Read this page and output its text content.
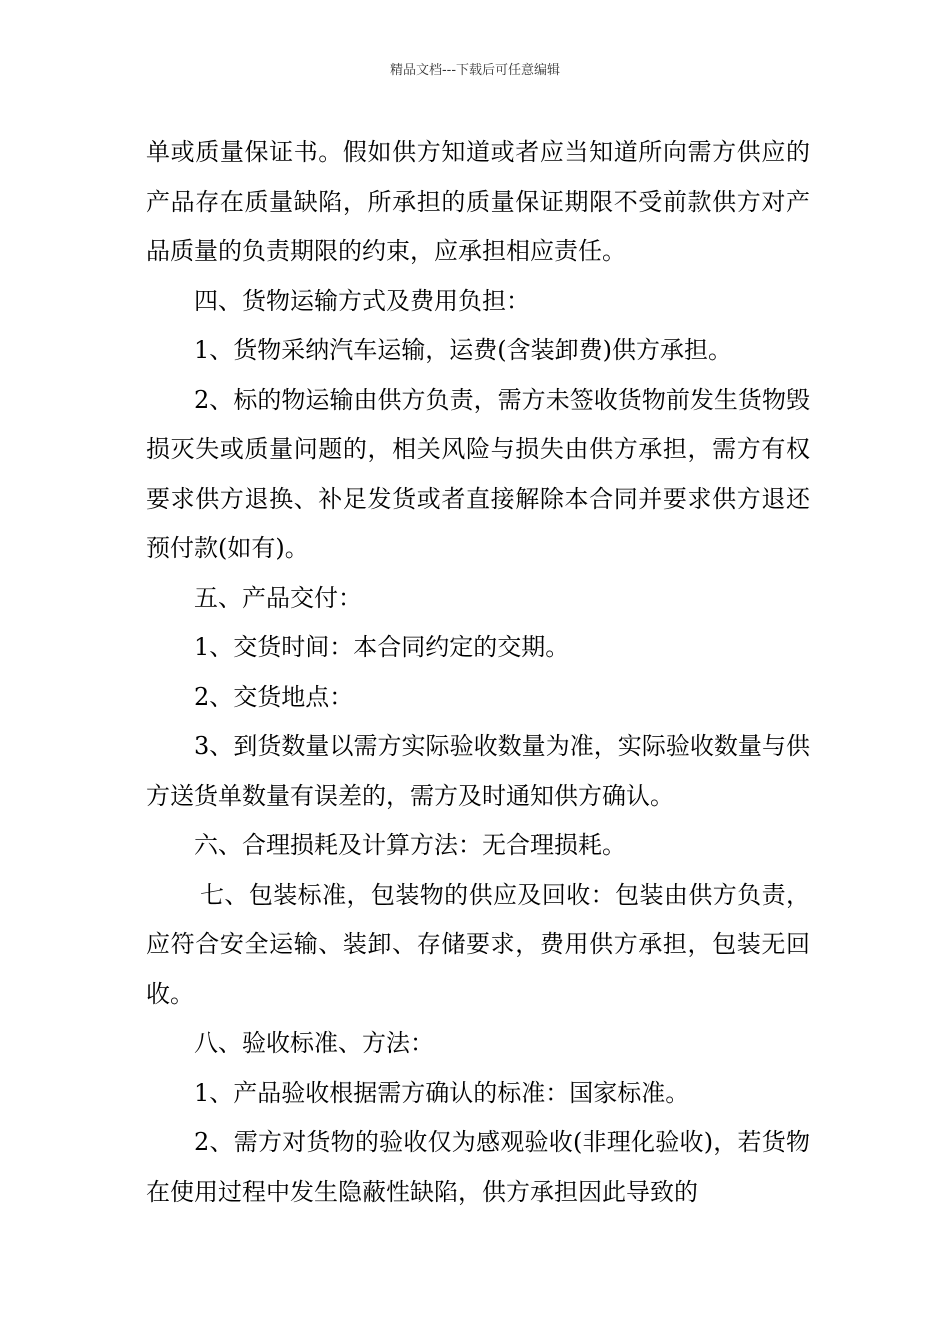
精品文档---下载后可任意编辑

单或质量保证书。假如供方知道或者应当知道所向需方供应的产品存在质量缺陷，所承担的质量保证期限不受前款供方对产品质量的负责期限的约束，应承担相应责任。

四、货物运输方式及费用负担：

1、货物采纳汽车运输，运费(含装卸费)供方承担。

2、标的物运输由供方负责，需方未签收货物前发生货物毁损灭失或质量问题的，相关风险与损失由供方承担，需方有权要求供方退换、补足发货或者直接解除本合同并要求供方退还预付款(如有)。

五、产品交付：

1、交货时间：本合同约定的交期。

2、交货地点：

3、到货数量以需方实际验收数量为准，实际验收数量与供方送货单数量有误差的，需方及时通知供方确认。

六、合理损耗及计算方法：无合理损耗。

七、包装标准，包装物的供应及回收：包装由供方负责，应符合安全运输、装卸、存储要求，费用供方承担，包装无回收。

八、验收标准、方法：

1、产品验收根据需方确认的标准：国家标准。

2、需方对货物的验收仅为感观验收(非理化验收)，若货物在使用过程中发生隐蔽性缺陷，供方承担因此导致的
